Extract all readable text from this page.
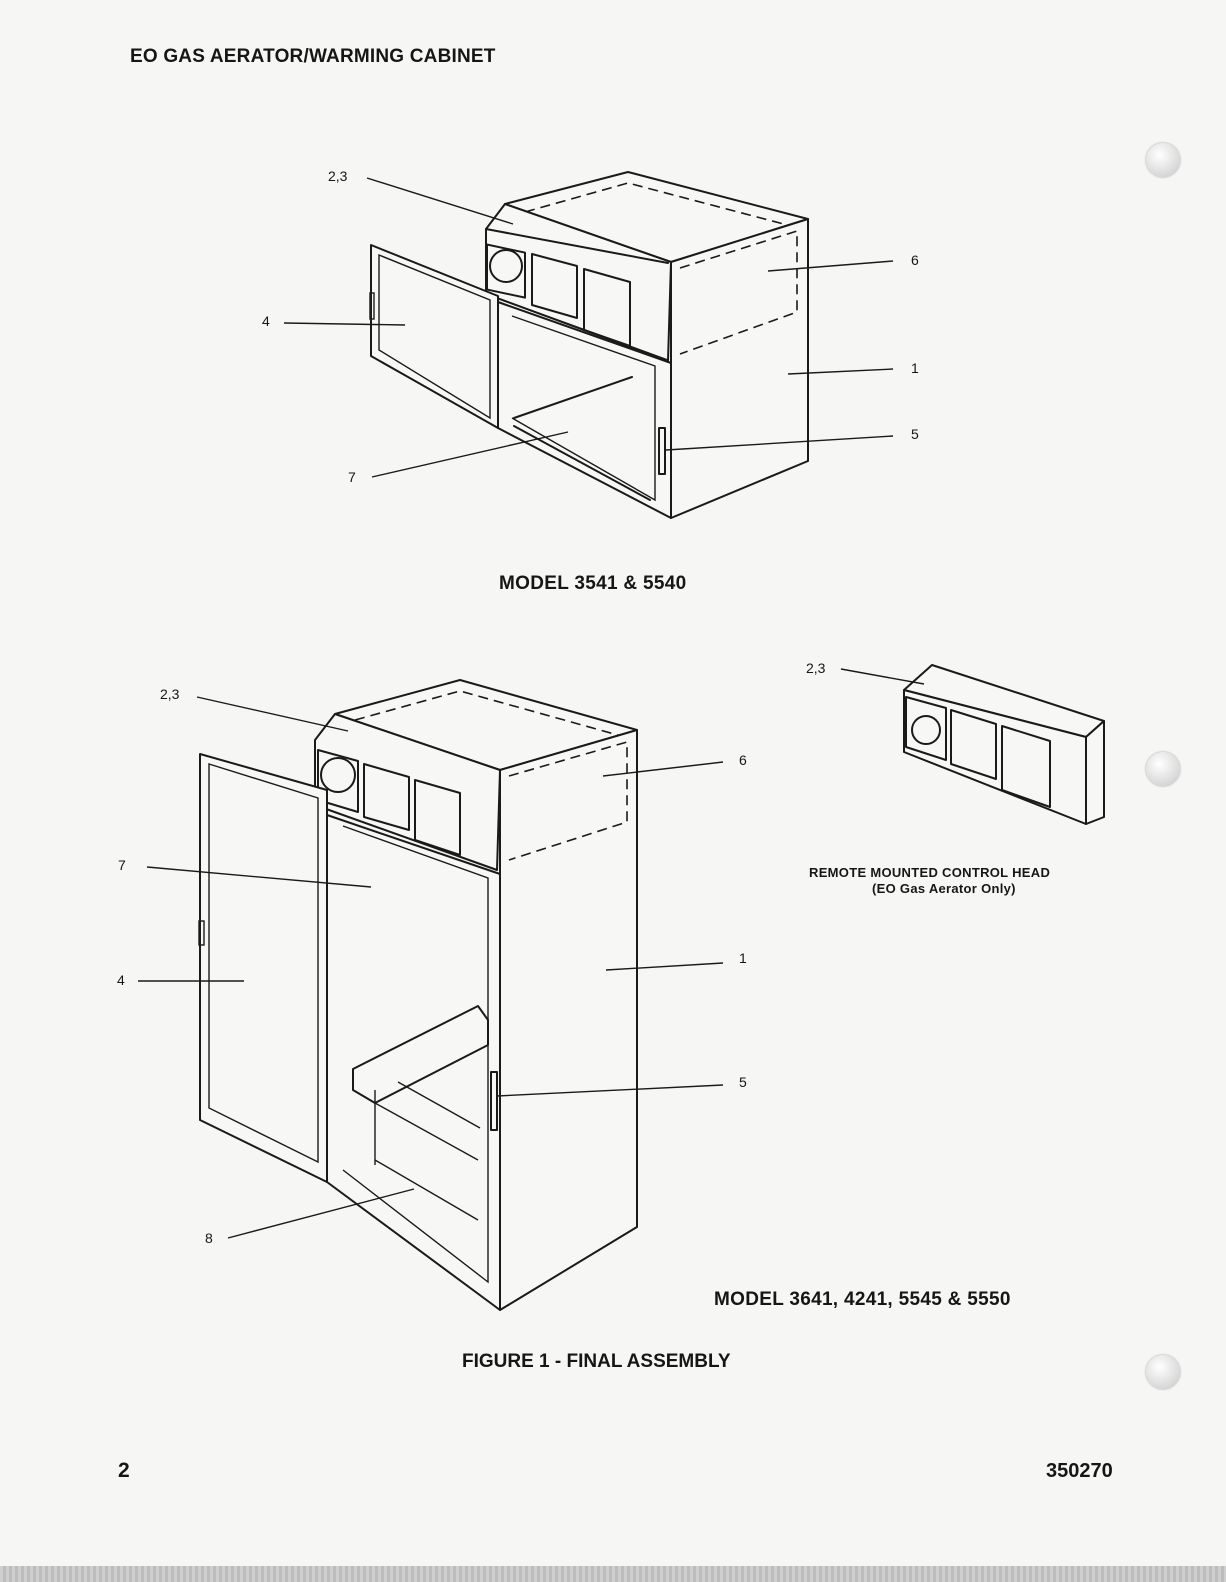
EO GAS AERATOR/WARMING CABINET
2,3
4
7
6
1
5
MODEL 3541 & 5540
2,3
7
4
8
6
1
5
MODEL 3641, 4241, 5545 & 5550
2,3
REMOTE MOUNTED CONTROL HEAD
(EO Gas Aerator Only)
FIGURE 1 - FINAL ASSEMBLY
2	350270
